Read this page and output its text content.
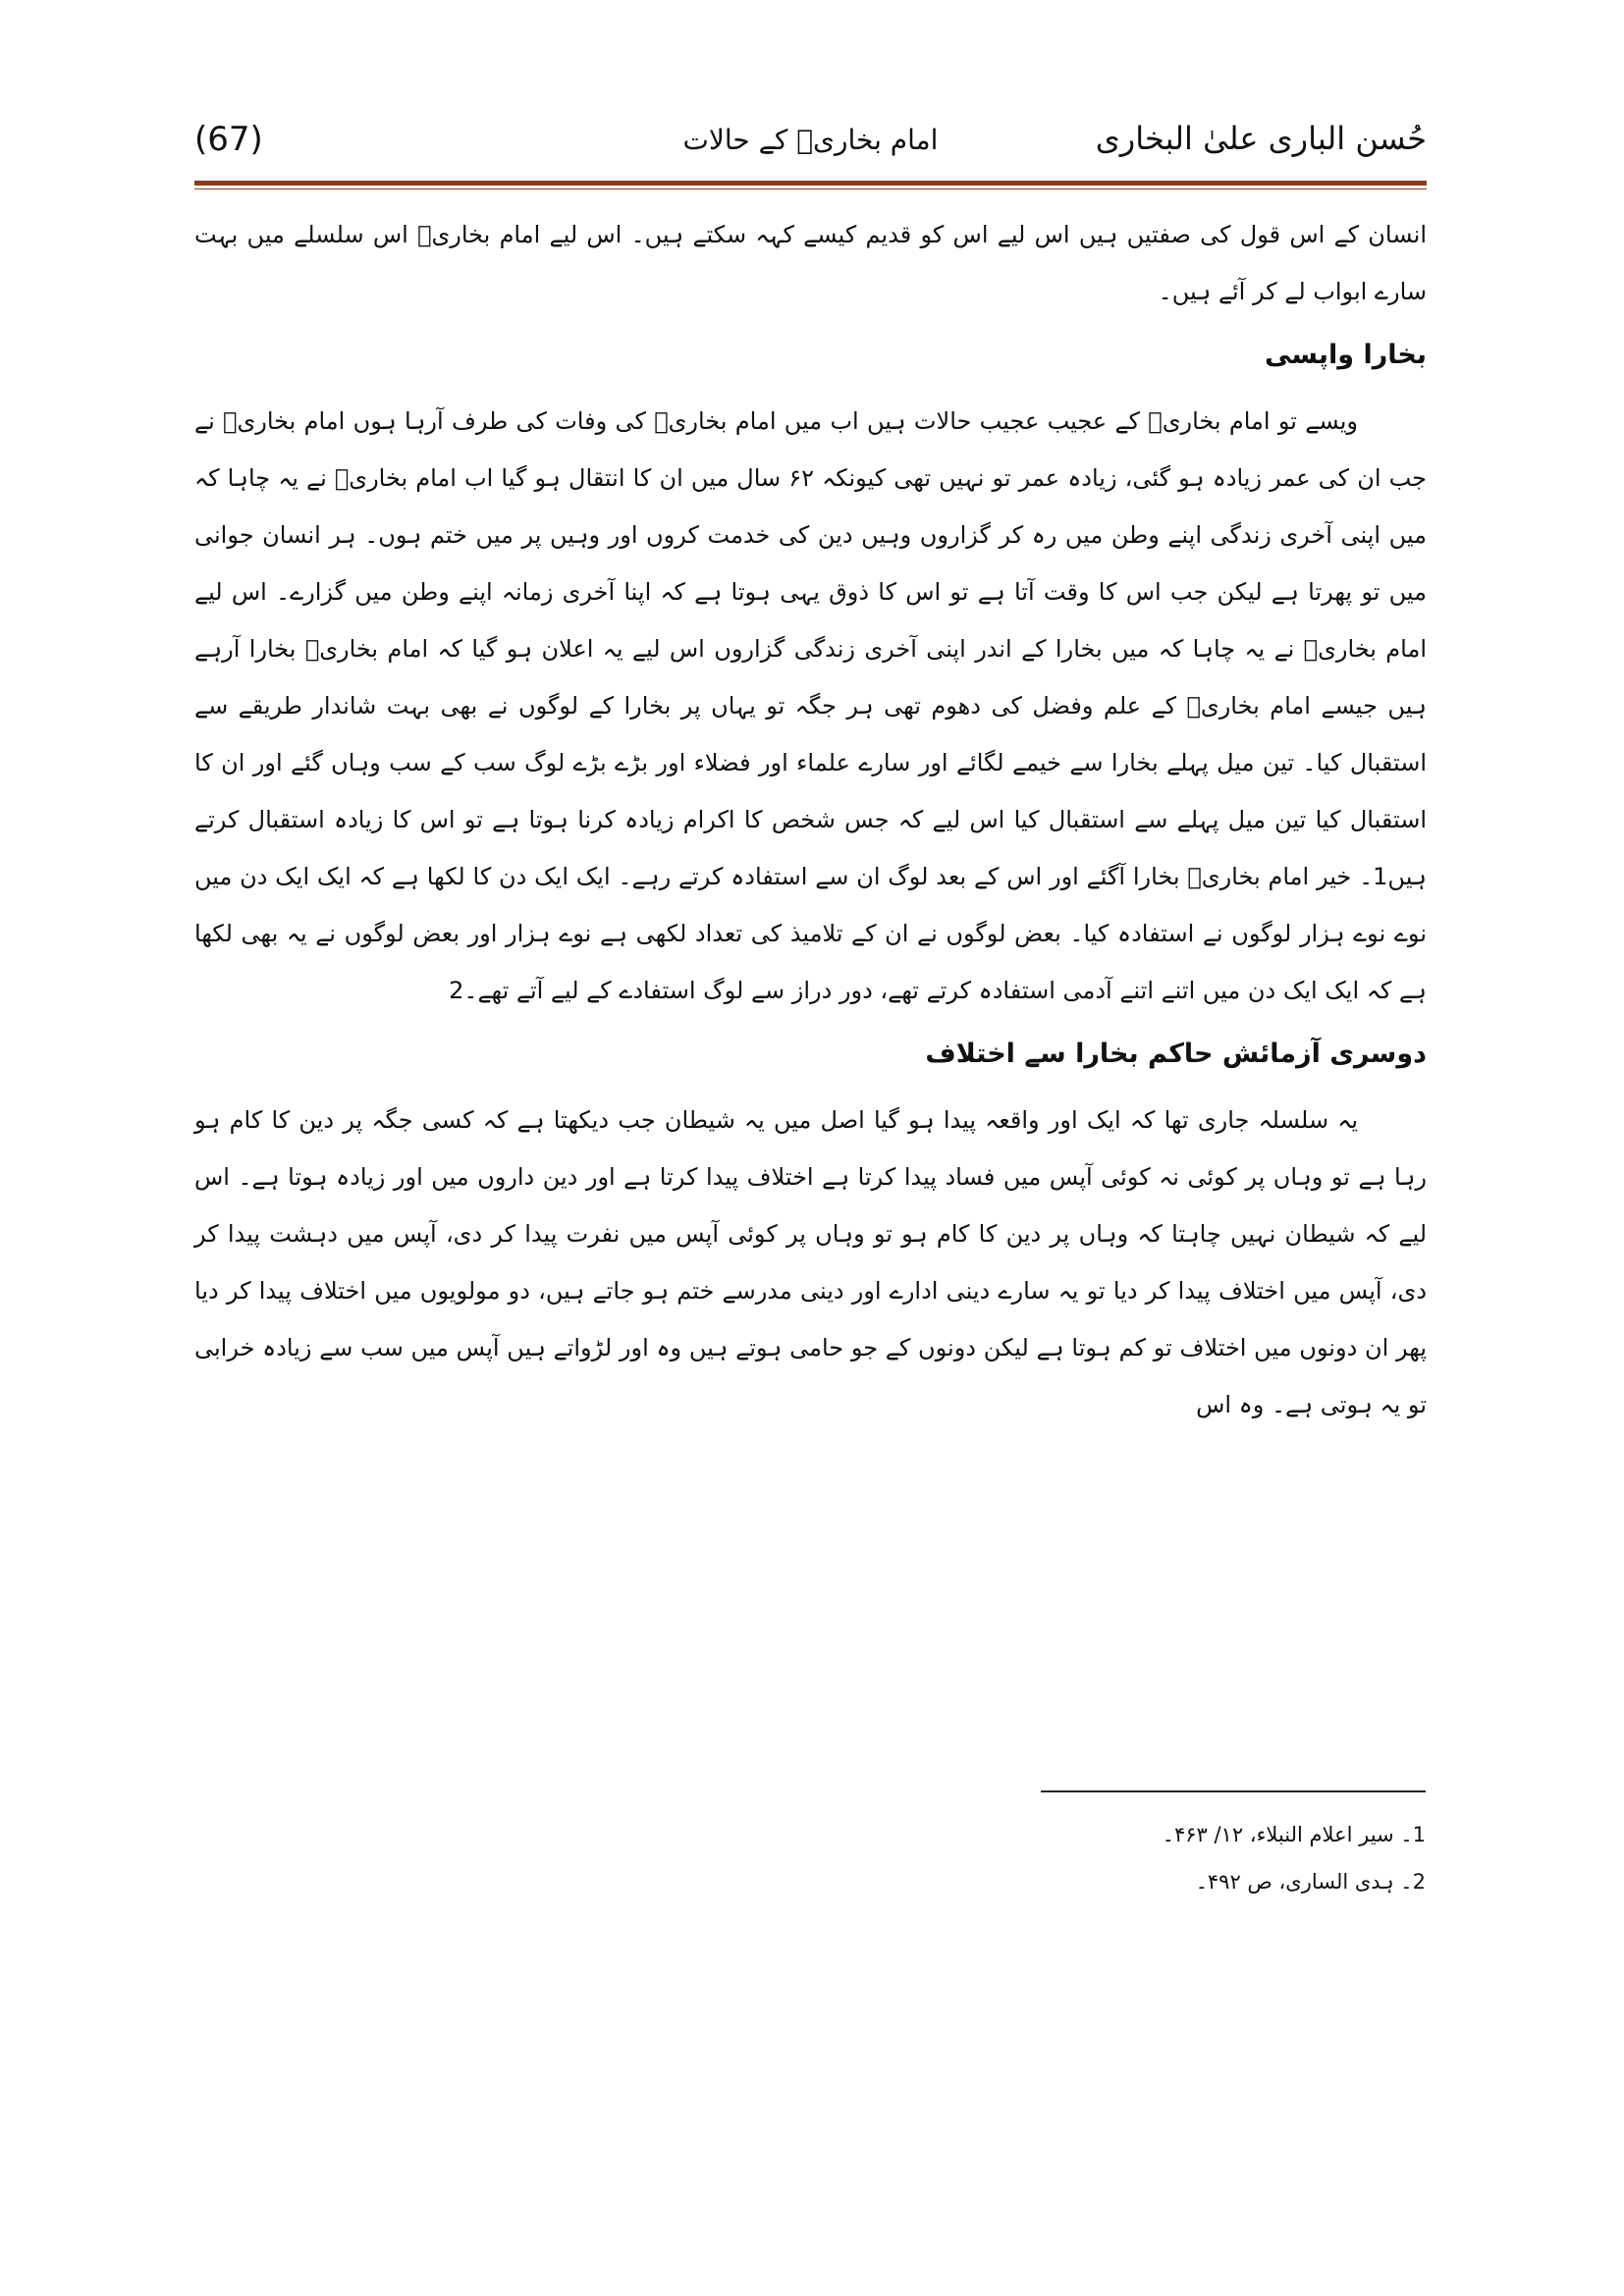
(67)	امام بخاریؒ کے حالات	حُسن الباری علیٰ البخاری

انسان کے اس قول کی صفتیں ہیں اس لیے اس کو قدیم کیسے کہہ سکتے ہیں۔ اس لیے امام بخاریؒ اس سلسلے میں بہت سارے ابواب لے کر آئے ہیں۔

بخارا واپسی

ویسے تو امام بخاریؒ کے عجیب عجیب حالات ہیں اب میں امام بخاریؒ کی وفات کی طرف آرہا ہوں امام بخاریؒ نے جب ان کی عمر زیادہ ہو گئی، زیادہ عمر تو نہیں تھی کیونکہ ۶۲ سال میں ان کا انتقال ہو گیا اب امام بخاریؒ نے یہ چاہا کہ میں اپنی آخری زندگی اپنے وطن میں رہ کر گزاروں وہیں دین کی خدمت کروں اور وہیں پر میں ختم ہوں۔ ہر انسان جوانی میں تو پھرتا ہے لیکن جب اس کا وقت آتا ہے تو اس کا ذوق یہی ہوتا ہے کہ اپنا آخری زمانہ اپنے وطن میں گزارے۔ اس لیے امام بخاریؒ نے یہ چاہا کہ میں بخارا کے اندر اپنی آخری زندگی گزاروں اس لیے یہ اعلان ہو گیا کہ امام بخاریؒ بخارا آرہے ہیں جیسے امام بخاریؒ کے علم وفضل کی دھوم تھی ہر جگہ تو یہاں پر بخارا کے لوگوں نے بھی بہت شاندار طریقے سے استقبال کیا۔ تین میل پہلے بخارا سے خیمے لگائے اور سارے علماء اور فضلاء اور بڑے بڑے لوگ سب کے سب وہاں گئے اور ان کا استقبال کیا تین میل پہلے سے استقبال کیا اس لیے کہ جس شخص کا اکرام زیادہ کرنا ہوتا ہے تو اس کا زیادہ استقبال کرتے ہیں1۔ خیر امام بخاریؒ بخارا آگئے اور اس کے بعد لوگ ان سے استفادہ کرتے رہے۔ ایک ایک دن کا لکھا ہے کہ ایک ایک دن میں نوے نوے ہزار لوگوں نے استفادہ کیا۔ بعض لوگوں نے ان کے تلامیذ کی تعداد لکھی ہے نوے ہزار اور بعض لوگوں نے یہ بھی لکھا ہے کہ ایک ایک دن میں اتنے اتنے آدمی استفادہ کرتے تھے، دور دراز سے لوگ استفادے کے لیے آتے تھے۔2

دوسری آزمائش حاکم بخارا سے اختلاف

یہ سلسلہ جاری تھا کہ ایک اور واقعہ پیدا ہو گیا اصل میں یہ شیطان جب دیکھتا ہے کہ کسی جگہ پر دین کا کام ہو رہا ہے تو وہاں پر کوئی نہ کوئی آپس میں فساد پیدا کرتا ہے اختلاف پیدا کرتا ہے اور دین داروں میں اور زیادہ ہوتا ہے۔ اس لیے کہ شیطان نہیں چاہتا کہ وہاں پر دین کا کام ہو تو وہاں پر کوئی آپس میں نفرت پیدا کر دی، آپس میں دہشت پیدا کر دی، آپس میں اختلاف پیدا کر دیا تو یہ سارے دینی ادارے اور دینی مدرسے ختم ہو جاتے ہیں، دو مولویوں میں اختلاف پیدا کر دیا پھر ان دونوں میں اختلاف تو کم ہوتا ہے لیکن دونوں کے جو حامی ہوتے ہیں وہ اور لڑواتے ہیں آپس میں سب سے زیادہ خرابی تو یہ ہوتی ہے۔ وہ اس

1۔ سیر اعلام النبلاء، ۱۲/ ۴۶۳۔

2۔ ہدی الساری، ص ۴۹۲۔
